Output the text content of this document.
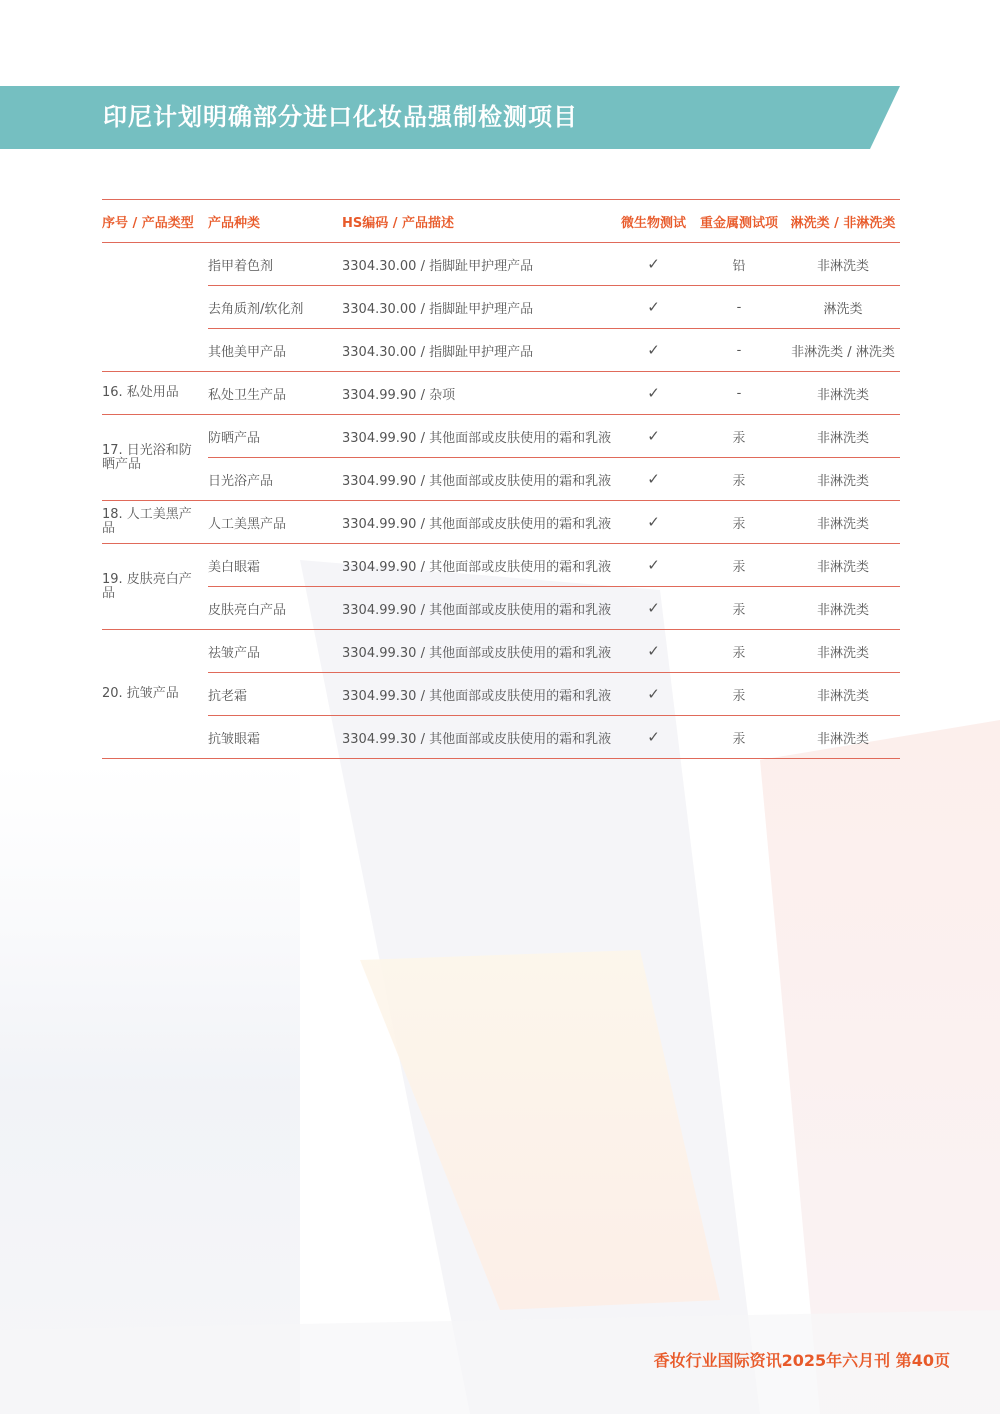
印尼计划明确部分进口化妆品强制检测项目
序号 / 产品类型	产品种类	HS编码 / 产品描述	微生物测试	重金属测试项	淋洗类 / 非淋洗类
	指甲着色剂	3304.30.00 / 指脚趾甲护理产品	✓	铅	非淋洗类
	去角质剂/软化剂	3304.30.00 / 指脚趾甲护理产品	✓	-	淋洗类
	其他美甲产品	3304.30.00 / 指脚趾甲护理产品	✓	-	非淋洗类 / 淋洗类
16. 私处用品	私处卫生产品	3304.99.90 / 杂项	✓	-	非淋洗类
17. 日光浴和防晒产品	防晒产品	3304.99.90 / 其他面部或皮肤使用的霜和乳液	✓	汞	非淋洗类
	日光浴产品	3304.99.90 / 其他面部或皮肤使用的霜和乳液	✓	汞	非淋洗类
18. 人工美黑产品	人工美黑产品	3304.99.90 / 其他面部或皮肤使用的霜和乳液	✓	汞	非淋洗类
19. 皮肤亮白产品	美白眼霜	3304.99.90 / 其他面部或皮肤使用的霜和乳液	✓	汞	非淋洗类
	皮肤亮白产品	3304.99.90 / 其他面部或皮肤使用的霜和乳液	✓	汞	非淋洗类
20. 抗皱产品	祛皱产品	3304.99.30 / 其他面部或皮肤使用的霜和乳液	✓	汞	非淋洗类
	抗老霜	3304.99.30 / 其他面部或皮肤使用的霜和乳液	✓	汞	非淋洗类
	抗皱眼霜	3304.99.30 / 其他面部或皮肤使用的霜和乳液	✓	汞	非淋洗类
香妆行业国际资讯2025年六月刊 第40页
